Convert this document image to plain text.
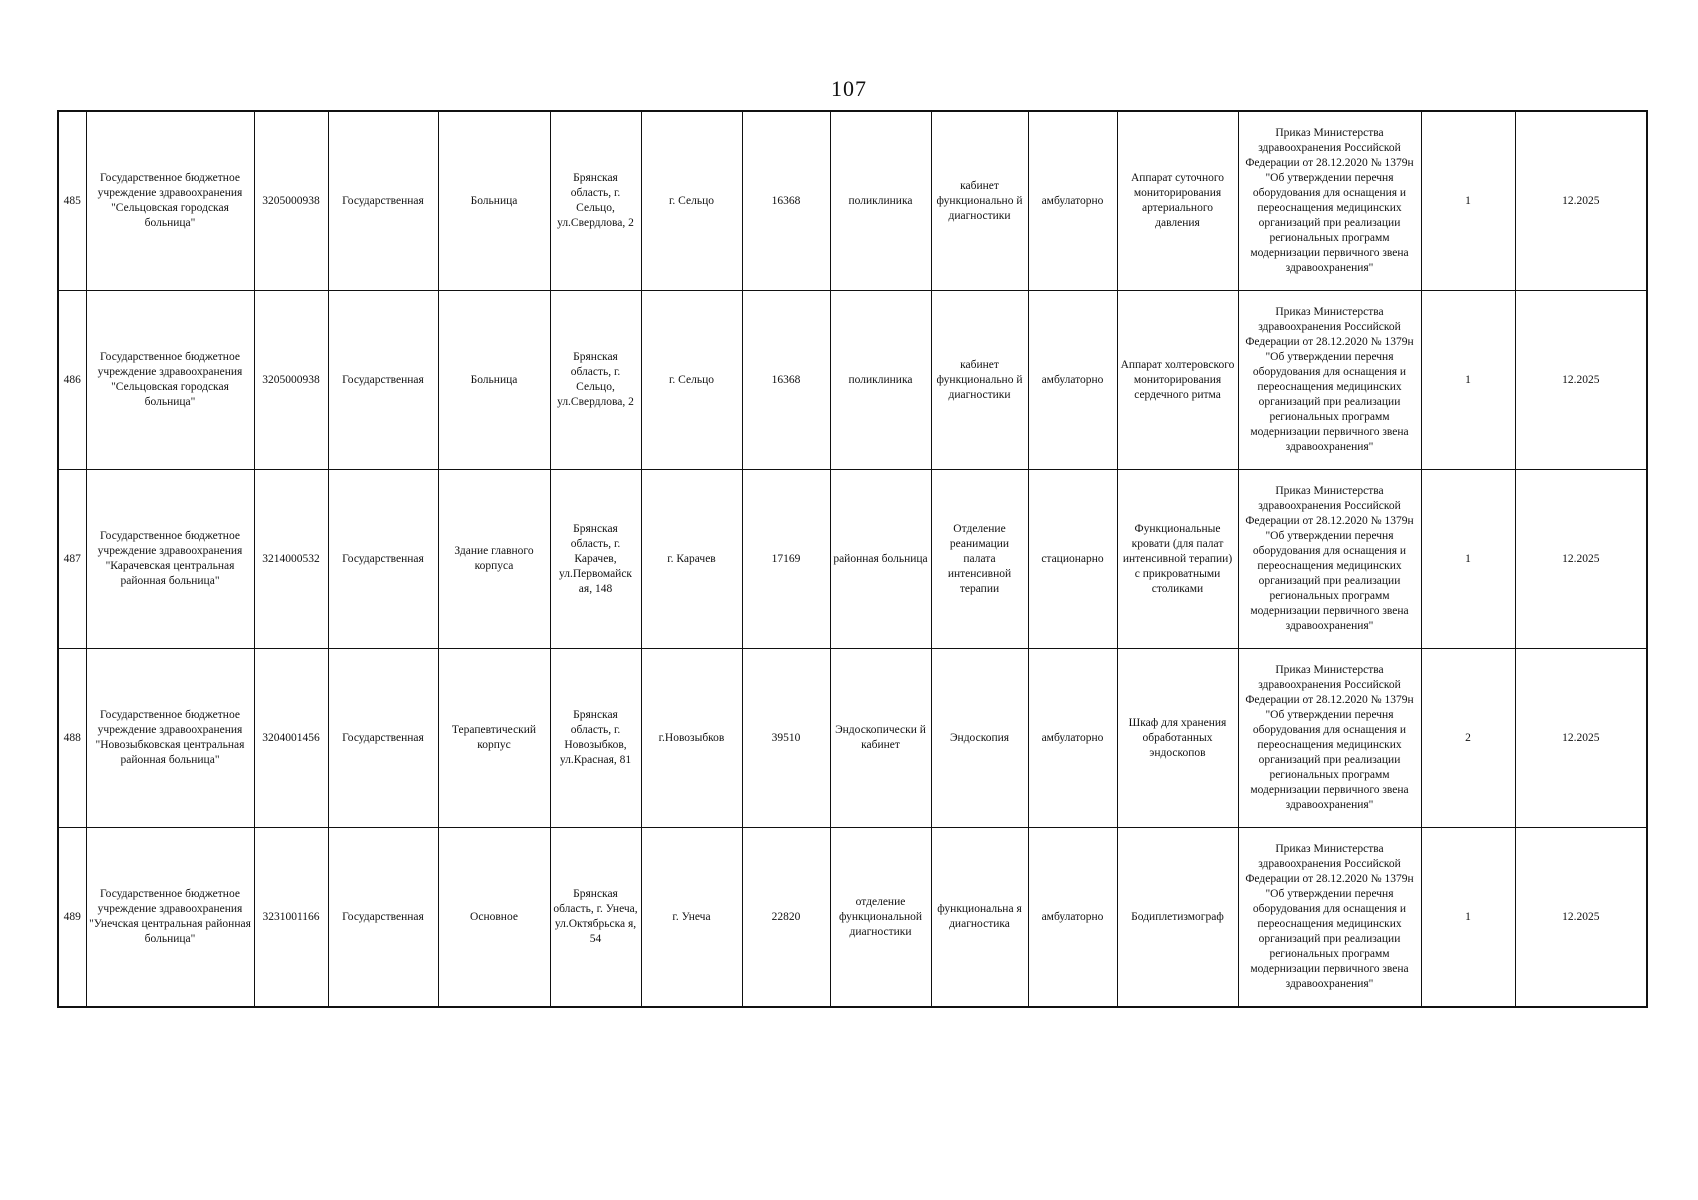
107
485	Государственное бюджетное учреждение здравоохранения "Сельцовская городская больница"	3205000938	Государственная	Больница	Брянская область, г. Сельцо, ул.Свердлова, 2	г. Сельцо	16368	поликлиника	кабинет функционально й диагностики	амбулаторно	Аппарат суточного мониторирования артериального давления	Приказ Министерства здравоохранения Российской Федерации от 28.12.2020 № 1379н "Об утверждении перечня оборудования для оснащения и переоснащения медицинских организаций при реализации региональных программ модернизации первичного звена здравоохранения"	1	12.2025
486	Государственное бюджетное учреждение здравоохранения "Сельцовская городская больница"	3205000938	Государственная	Больница	Брянская область, г. Сельцо, ул.Свердлова, 2	г. Сельцо	16368	поликлиника	кабинет функционально й диагностики	амбулаторно	Аппарат холтеровского мониторирования сердечного ритма	Приказ Министерства здравоохранения Российской Федерации от 28.12.2020 № 1379н "Об утверждении перечня оборудования для оснащения и переоснащения медицинских организаций при реализации региональных программ модернизации первичного звена здравоохранения"	1	12.2025
487	Государственное бюджетное учреждение здравоохранения "Карачевская центральная районная больница"	3214000532	Государственная	Здание главного корпуса	Брянская область, г. Карачев, ул.Первомайск ая, 148	г. Карачев	17169	районная больница	Отделение реанимации палата интенсивной терапии	стационарно	Функциональные кровати (для палат интенсивной терапии) с прикроватными столиками	Приказ Министерства здравоохранения Российской Федерации от 28.12.2020 № 1379н "Об утверждении перечня оборудования для оснащения и переоснащения медицинских организаций при реализации региональных программ модернизации первичного звена здравоохранения"	1	12.2025
488	Государственное бюджетное учреждение здравоохранения "Новозыбковская центральная районная больница"	3204001456	Государственная	Терапевтический корпус	Брянская область, г. Новозыбков, ул.Красная, 81	г.Новозыбков	39510	Эндоскопически й кабинет	Эндоскопия	амбулаторно	Шкаф для хранения обработанных эндоскопов	Приказ Министерства здравоохранения Российской Федерации от 28.12.2020 № 1379н "Об утверждении перечня оборудования для оснащения и переоснащения медицинских организаций при реализации региональных программ модернизации первичного звена здравоохранения"	2	12.2025
489	Государственное бюджетное учреждение здравоохранения "Унечская центральная районная больница"	3231001166	Государственная	Основное	Брянская область, г. Унеча, ул.Октябрьска я, 54	г. Унеча	22820	отделение функциональной диагностики	функциональна я диагностика	амбулаторно	Бодиплетизмограф	Приказ Министерства здравоохранения Российской Федерации от 28.12.2020 № 1379н "Об утверждении перечня оборудования для оснащения и переоснащения медицинских организаций при реализации региональных программ модернизации первичного звена здравоохранения"	1	12.2025
